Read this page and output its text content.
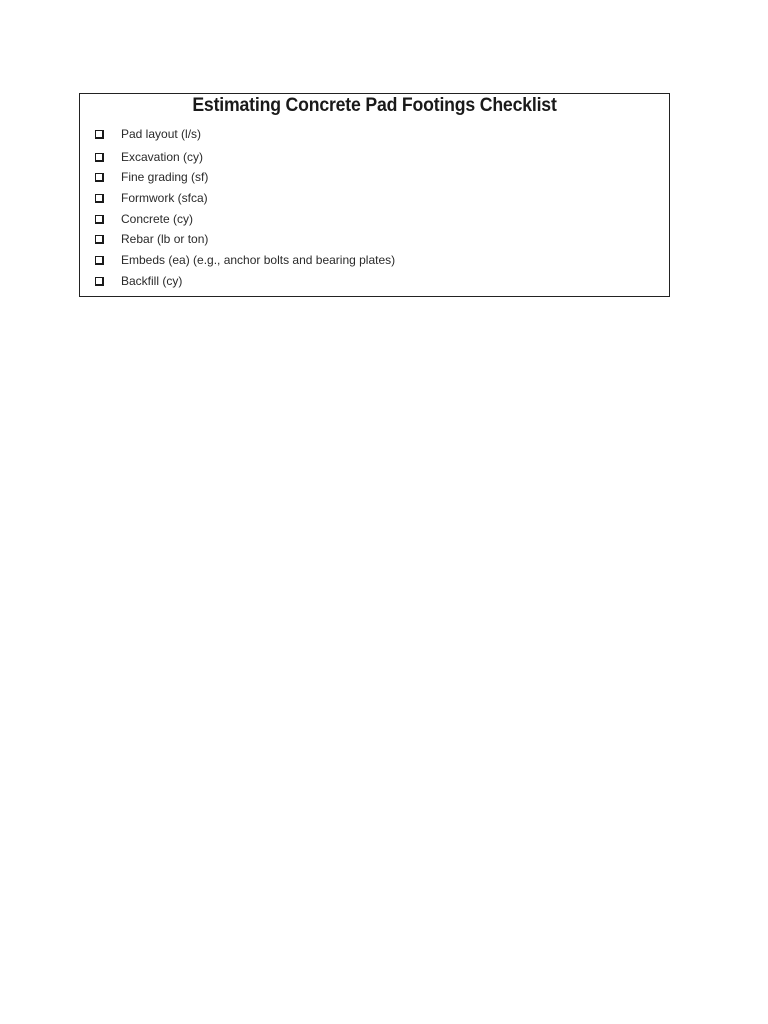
Estimating Concrete Pad Footings Checklist
Pad layout (l/s)
Excavation (cy)
Fine grading (sf)
Formwork (sfca)
Concrete (cy)
Rebar (lb or ton)
Embeds (ea) (e.g., anchor bolts and bearing plates)
Backfill (cy)
